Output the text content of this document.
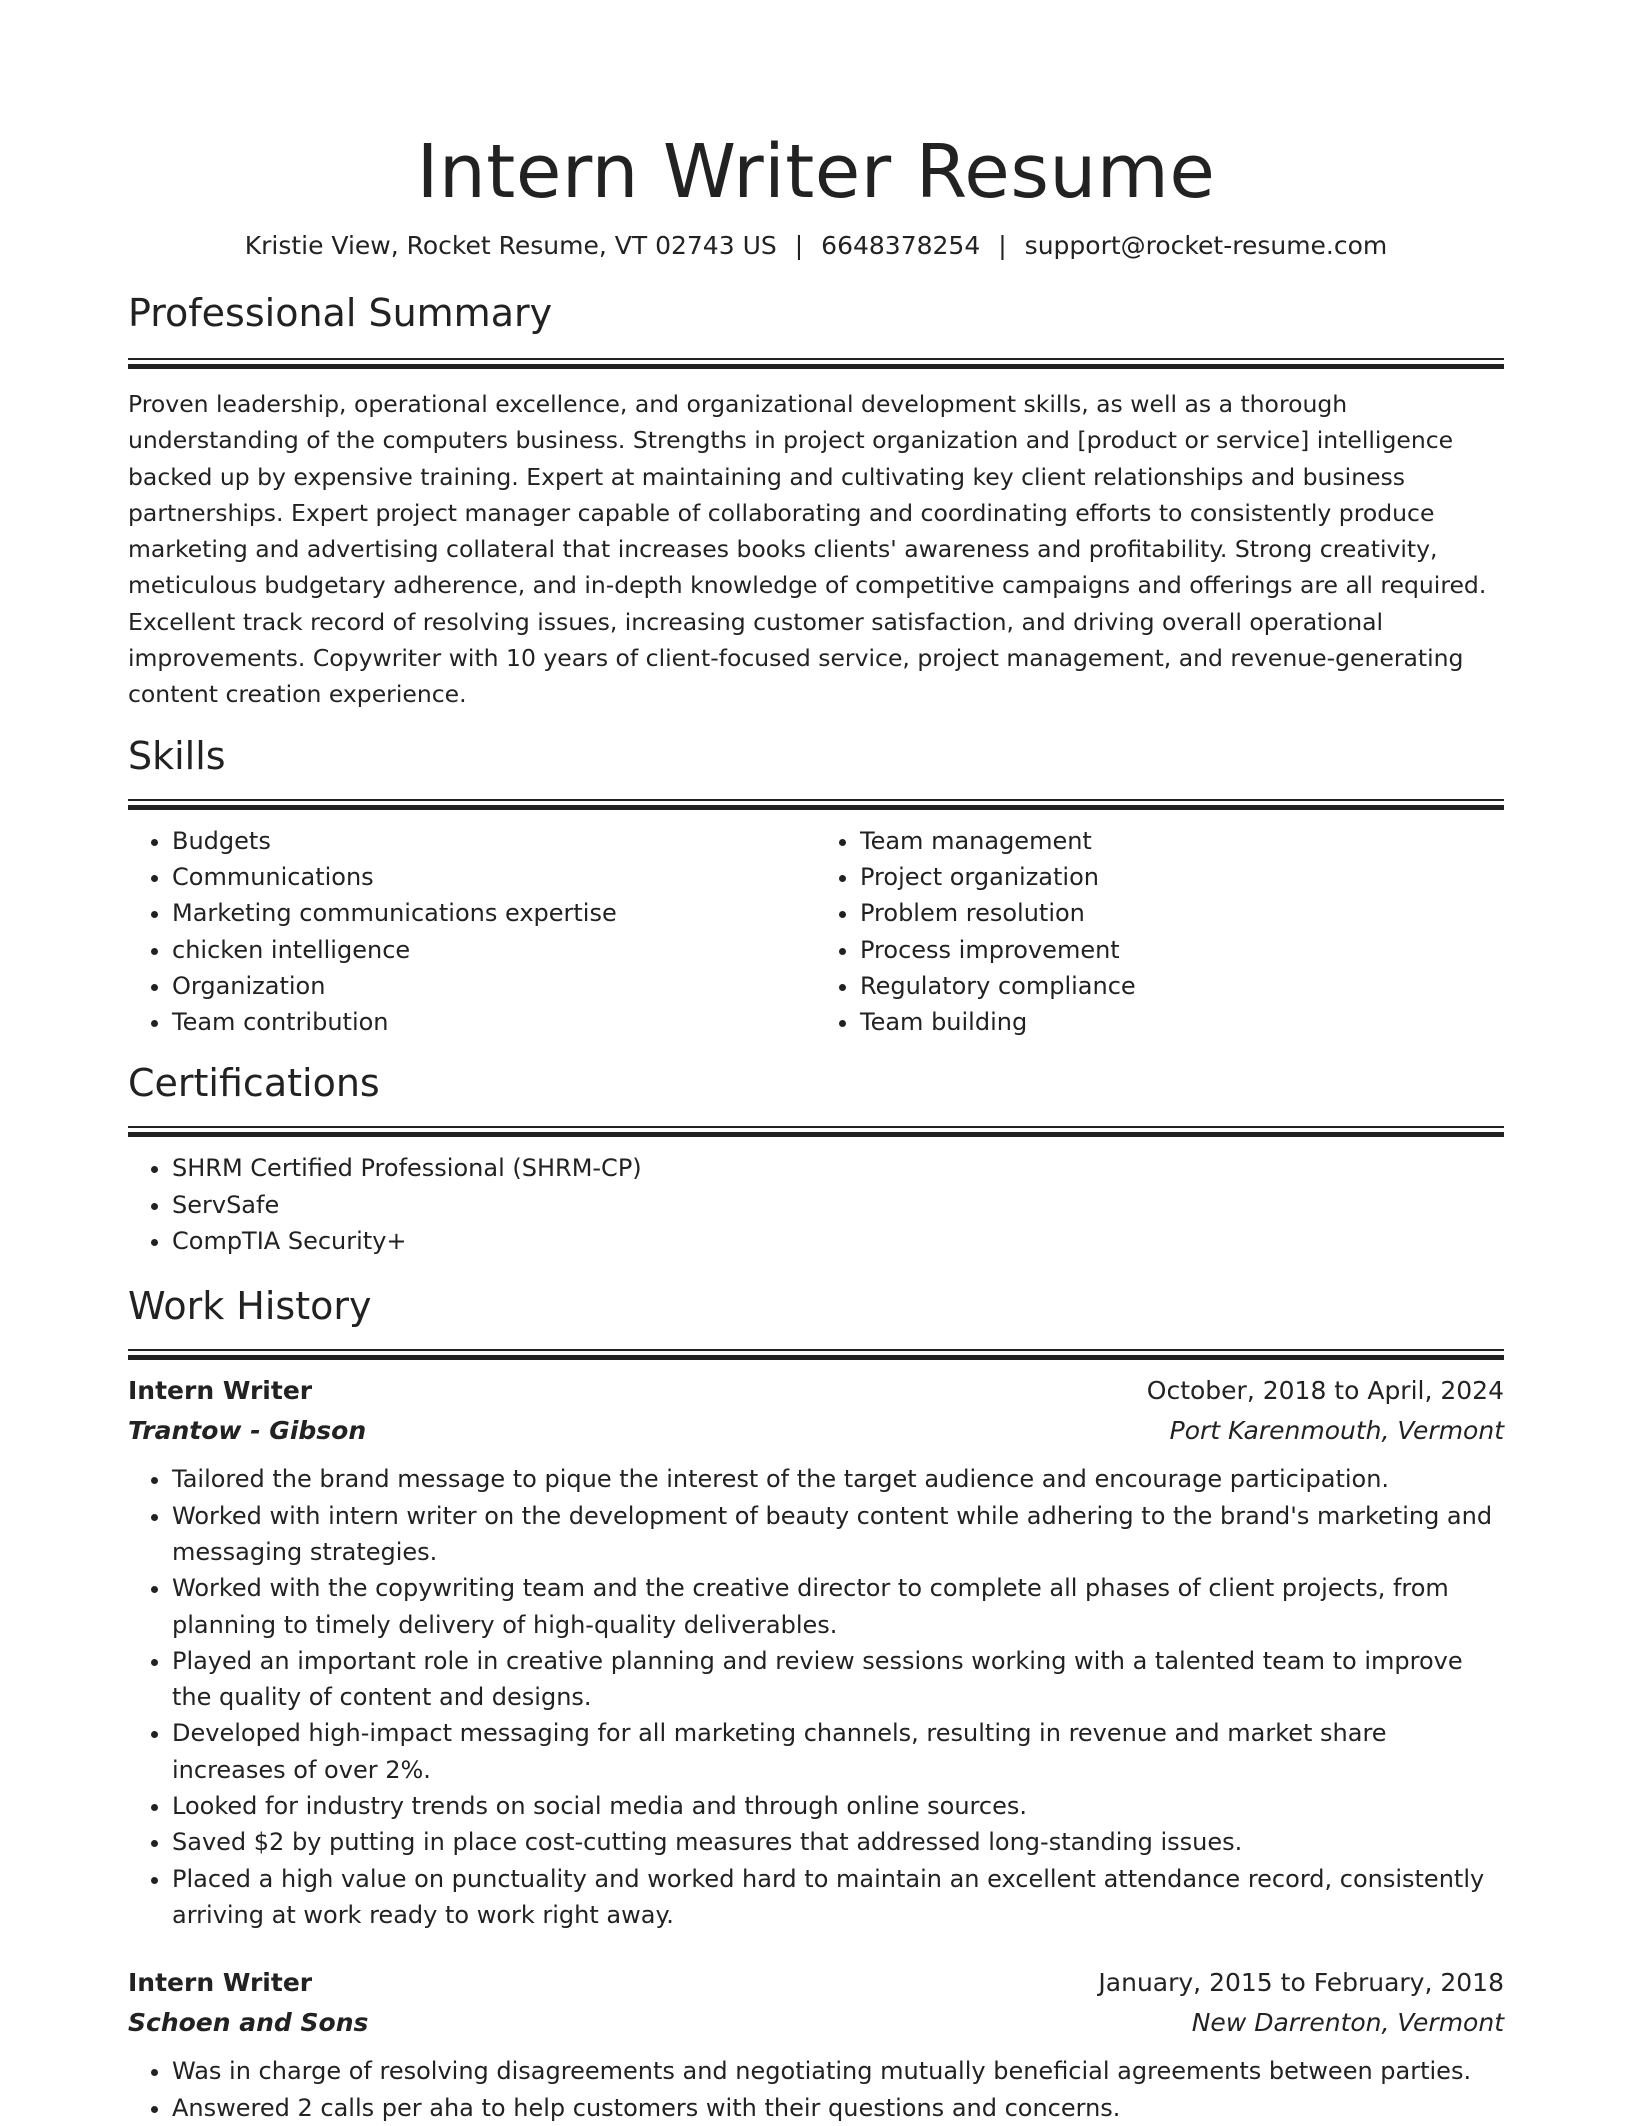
Intern Writer Resume
Kristie View, Rocket Resume, VT 02743 US | 6648378254 | support@rocket-resume.com
Professional Summary

Proven leadership, operational excellence, and organizational development skills, as well as a thorough understanding of the computers business. Strengths in project organization and [product or service] intelligence backed up by expensive training. Expert at maintaining and cultivating key client relationships and business partnerships. Expert project manager capable of collaborating and coordinating efforts to consistently produce marketing and advertising collateral that increases books clients' awareness and profitability. Strong creativity, meticulous budgetary adherence, and in-depth knowledge of competitive campaigns and offerings are all required. Excellent track record of resolving issues, increasing customer satisfaction, and driving overall operational improvements. Copywriter with 10 years of client-focused service, project management, and revenue-generating content creation experience.

Skills
• Budgets
• Communications
• Marketing communications expertise
• chicken intelligence
• Organization
• Team contribution
• Team management
• Project organization
• Problem resolution
• Process improvement
• Regulatory compliance
• Team building
Certifications
• SHRM Certified Professional (SHRM-CP)
• ServSafe
• CompTIA Security+
Work History
Intern Writer	October, 2018 to April, 2024
Trantow - Gibson	Port Karenmouth, Vermont
• Tailored the brand message to pique the interest of the target audience and encourage participation.
• Worked with intern writer on the development of beauty content while adhering to the brand's marketing and messaging strategies.
• Worked with the copywriting team and the creative director to complete all phases of client projects, from planning to timely delivery of high-quality deliverables.
• Played an important role in creative planning and review sessions working with a talented team to improve the quality of content and designs.
• Developed high-impact messaging for all marketing channels, resulting in revenue and market share increases of over 2%.
• Looked for industry trends on social media and through online sources.
• Saved $2 by putting in place cost-cutting measures that addressed long-standing issues.
• Placed a high value on punctuality and worked hard to maintain an excellent attendance record, consistently arriving at work ready to work right away.
Intern Writer	January, 2015 to February, 2018
Schoen and Sons	New Darrenton, Vermont
• Was in charge of resolving disagreements and negotiating mutually beneficial agreements between parties.
• Answered 2 calls per aha to help customers with their questions and concerns.
